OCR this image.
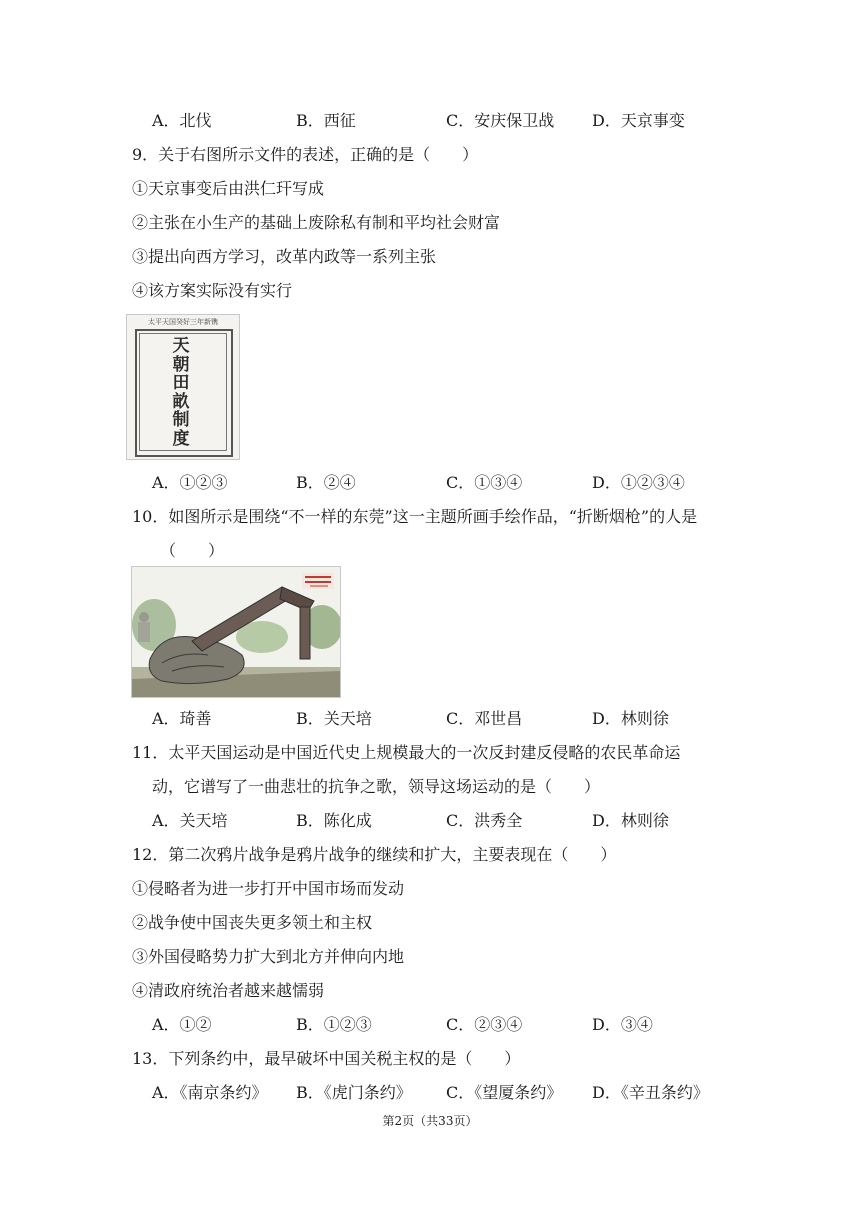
A．北伐	B．西征	C．安庆保卫战 D．天京事变
9．关于右图所示文件的表述，正确的是（　　）
①天京事变后由洪仁玕写成
②主张在小生产的基础上废除私有制和平均社会财富
③提出向西方学习，改革内政等一系列主张
④该方案实际没有实行
太平天国癸好三年新镌
天
朝
田
畝
制
度
A．①②③	B．②④	C．①③④	D．①②③④
10．如图所示是围绕“不一样的东莞”这一主题所画手绘作品，“折断烟枪”的人是
（　　）
A．琦善	B．关天培	C．邓世昌	D．林则徐
11．太平天国运动是中国近代史上规模最大的一次反封建反侵略的农民革命运
动，它谱写了一曲悲壮的抗争之歌，领导这场运动的是（　　）
A．关天培	B．陈化成	C．洪秀全	D．林则徐
12．第二次鸦片战争是鸦片战争的继续和扩大，主要表现在（　　）
①侵略者为进一步打开中国市场而发动
②战争使中国丧失更多领土和主权
③外国侵略势力扩大到北方并伸向内地
④清政府统治者越来越懦弱
A．①②	B．①②③	C．②③④	D．③④
13．下列条约中，最早破坏中国关税主权的是（　　）
A．《南京条约》 B．《虎门条约》 C．《望厦条约》 D．《辛丑条约》
第2页（共33页）
